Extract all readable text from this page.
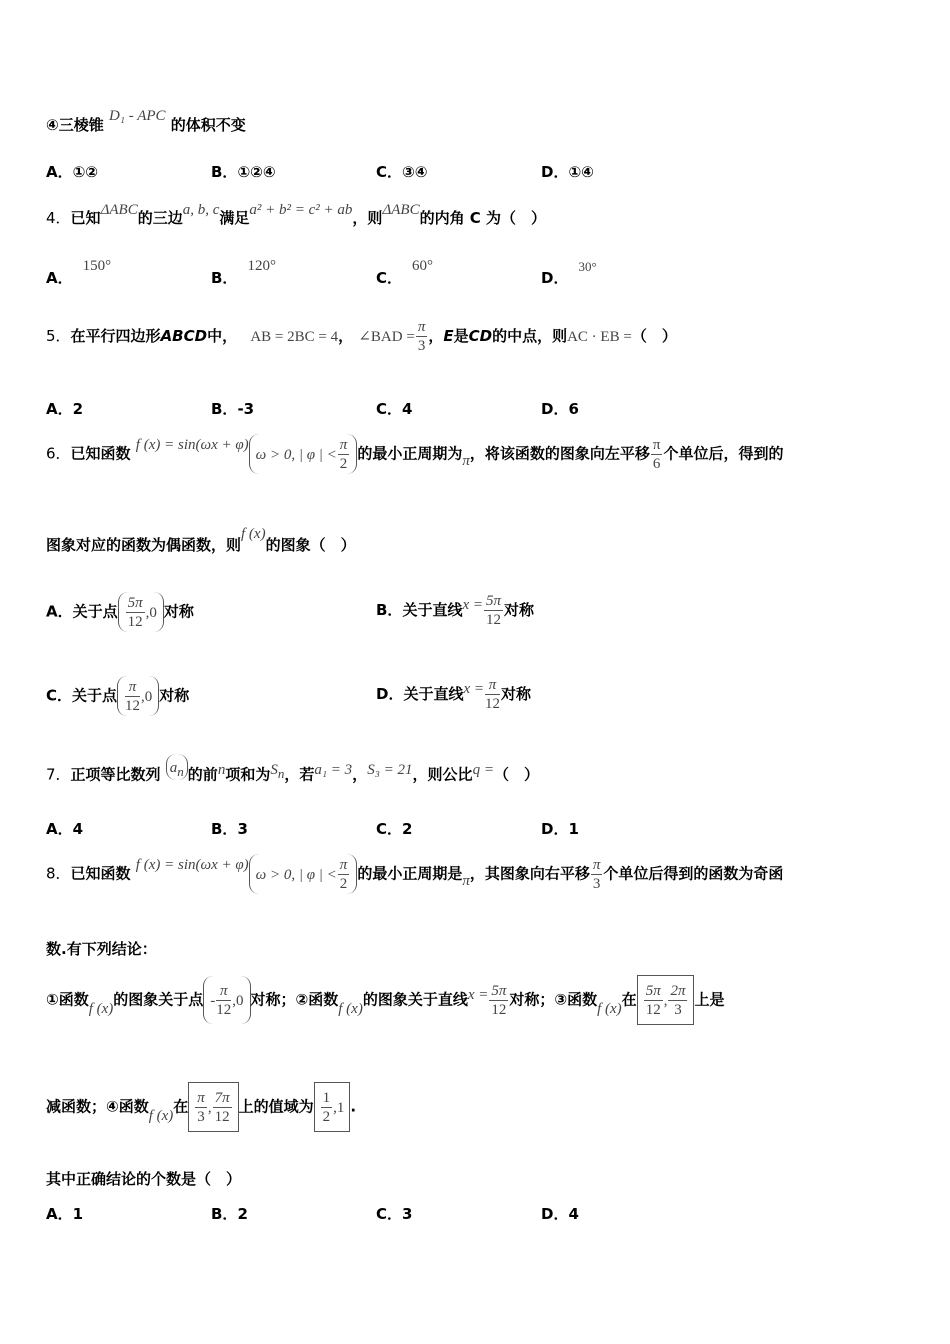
④三棱锥 D₁ - APC 的体积不变
A．①②	B．①②④	C．③④	D．①④
4．已知ΔABC的三边a, b, c满足a² + b² = c² + ab，则ΔABC的内角 C 为（　）
A．150°
B．120°
C．60°
D．30°
5．在平行四边形ABCD中， AB = 2BC = 4， ∠BAD = $\frac{\pi}{3}$ ，E是CD的中点，则AC · EB =（　）
A．2	B．-3	C．4	D．6
6．已知函数 f (x) = sin(ωx + φ)ω > 0, | φ | < $\frac{\pi}{2}$ 的最小正周期为π，将该函数的图象向左平移 $\frac{\pi}{6}$ 个单位后，得到的
图象对应的函数为偶函数，则f (x)的图象（　）
A．关于点 $\frac{5\pi}{12} ,0$ 对称	B．关于直线$x = \frac{5\pi}{12}$ 对称
C．关于点 $\frac{\pi}{12} ,0$ 对称	D．关于直线$x = \frac{\pi}{12}$ 对称
7．正项等比数列 $a_n$ 的前n项和为$S_n$，若a₁ = 3，S₃ = 21，则公比q =（　）
A．4	B．3	C．2	D．1
8．已知函数 f (x) = sin(ωx + φ)ω > 0, | φ | < $\frac{\pi}{2}$ 的最小正周期是π，其图象向右平移 $\frac{\pi}{3}$ 个单位后得到的函数为奇函
数.有下列结论：
①函数f (x)的图象关于点 - $\frac{\pi}{12} ,0$ 对称；②函数f (x)的图象关于直线$x = \frac{5\pi}{12}$ 对称；③函数f (x)在 $\frac{5\pi}{12}$ , $\frac{2\pi}{3}$ 上是
减函数；④函数f (x)在 $\frac{\pi}{3}$ , $\frac{7\pi}{12}$ 上的值域为 $\frac{1}{2} ,1$ .
其中正确结论的个数是（　）
A．1	B．2	C．3	D．4
